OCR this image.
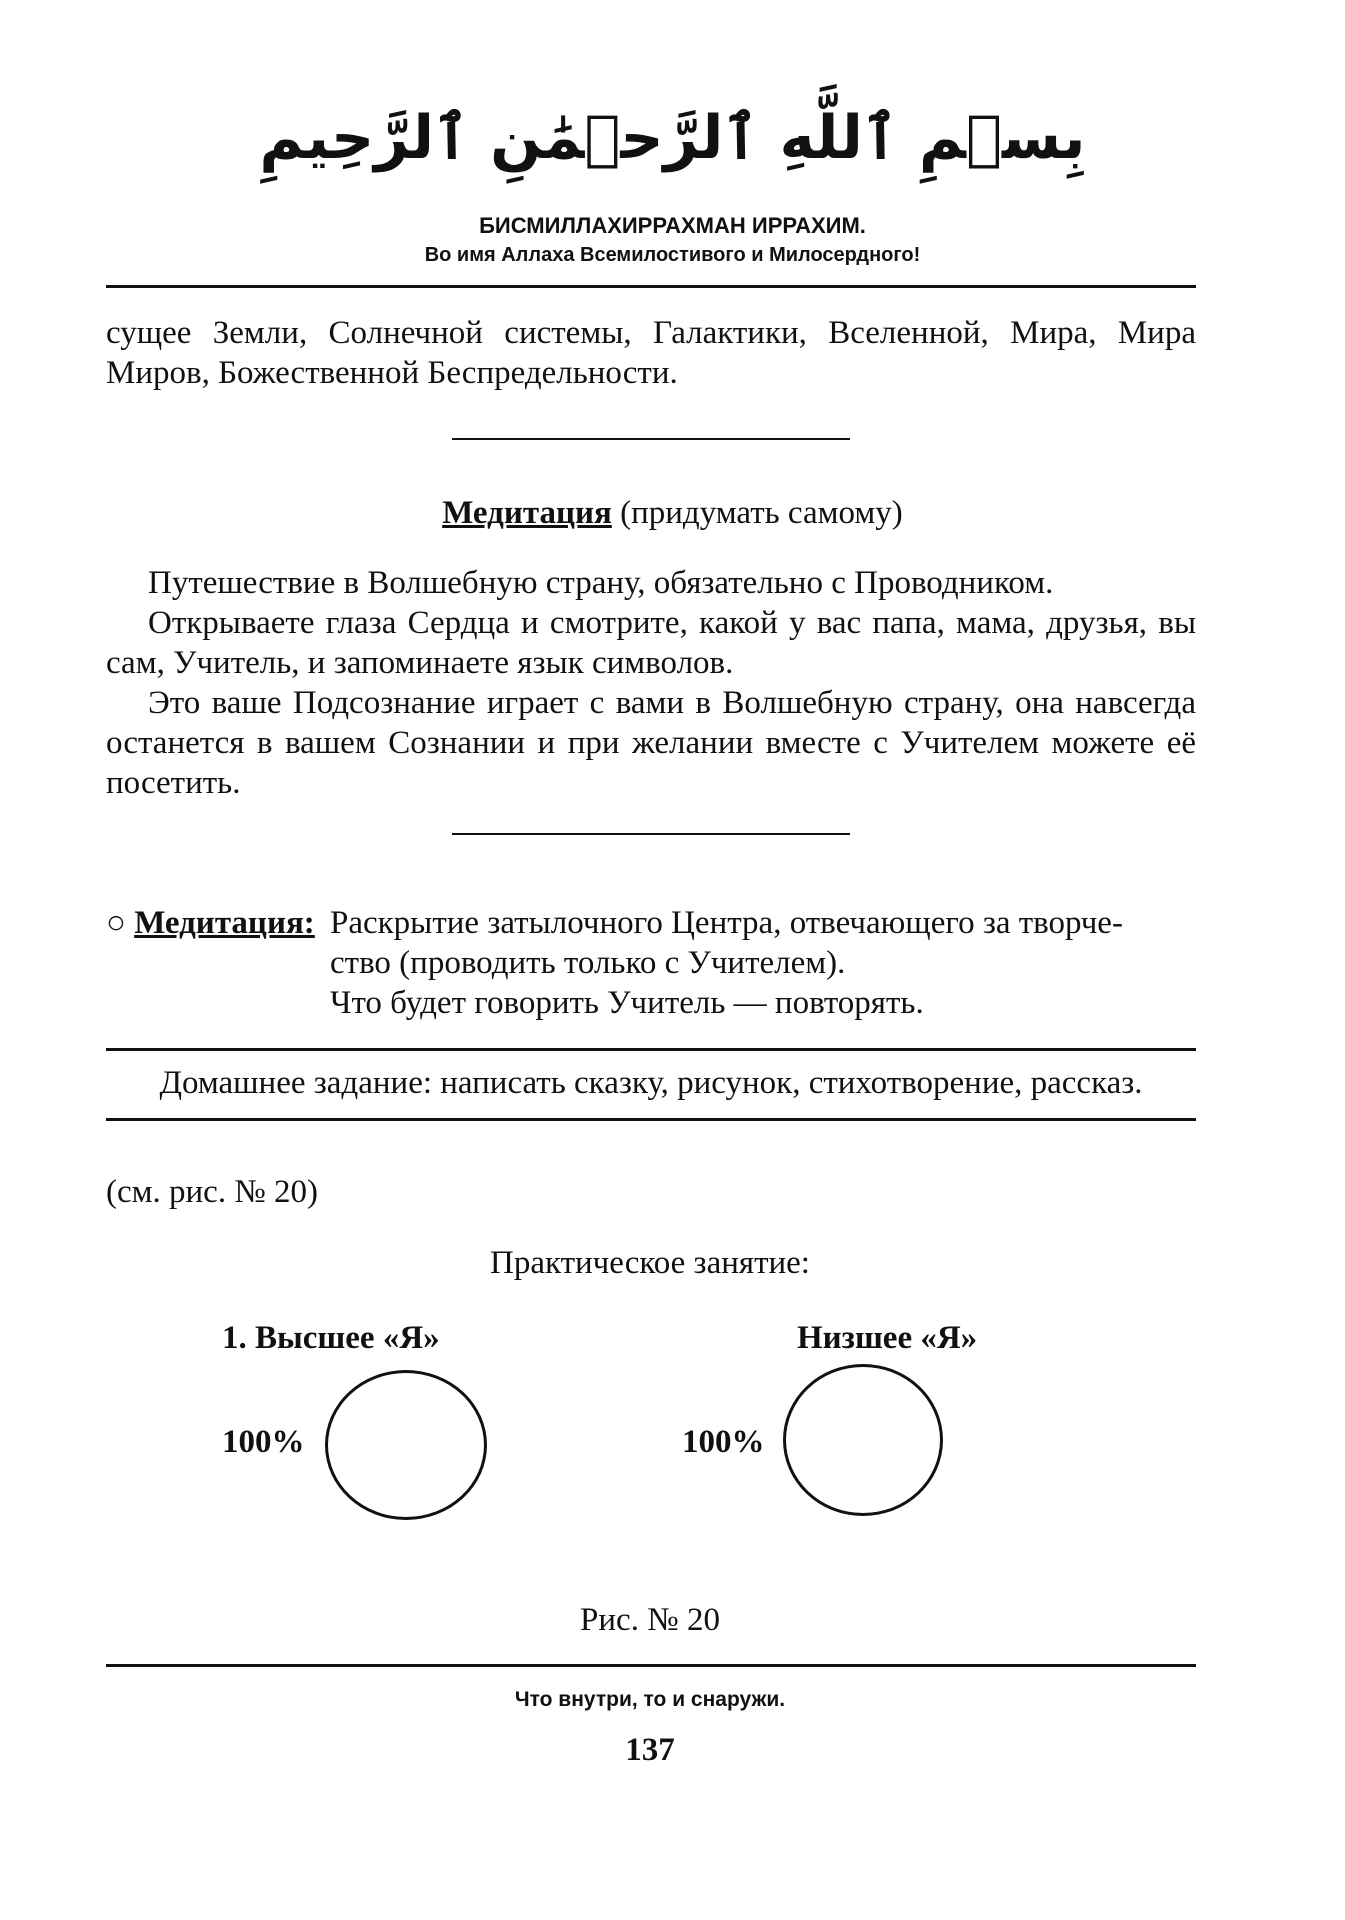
بِسۡمِ ٱللَّهِ ٱلرَّحۡمَٰنِ ٱلرَّحِيمِ
БИСМИЛЛАХИРРАХМАН ИРРАХИМ.
Во имя Аллаха Всемилостивого и Милосердного!

сущее Земли, Солнечной системы, Галактики, Вселенной, Мира, Мира Миров, Божественной Беспредельности.

Медитация (придумать самому)

Путешествие в Волшебную страну, обязательно с Проводником.

Открываете глаза Сердца и смотрите, какой у вас папа, мама, друзья, вы сам, Учитель, и запоминаете язык символов.

Это ваше Подсознание играет с вами в Волшебную страну, она навсегда останется в вашем Сознании и при желании вместе с Учителем можете её посетить.

○ Медитация: Раскрытие затылочного Центра, отвечающего за творче-

ство (проводить только с Учителем).

Что будет говорить Учитель — повторять.

Домашнее задание: написать сказку, рисунок, стихотворение, рассказ.
(см. рис. № 20)
Практическое занятие:
1. Высшее «Я»	Низшее «Я»
100%	100%
Рис. № 20
Что внутри, то и снаружи.
137
